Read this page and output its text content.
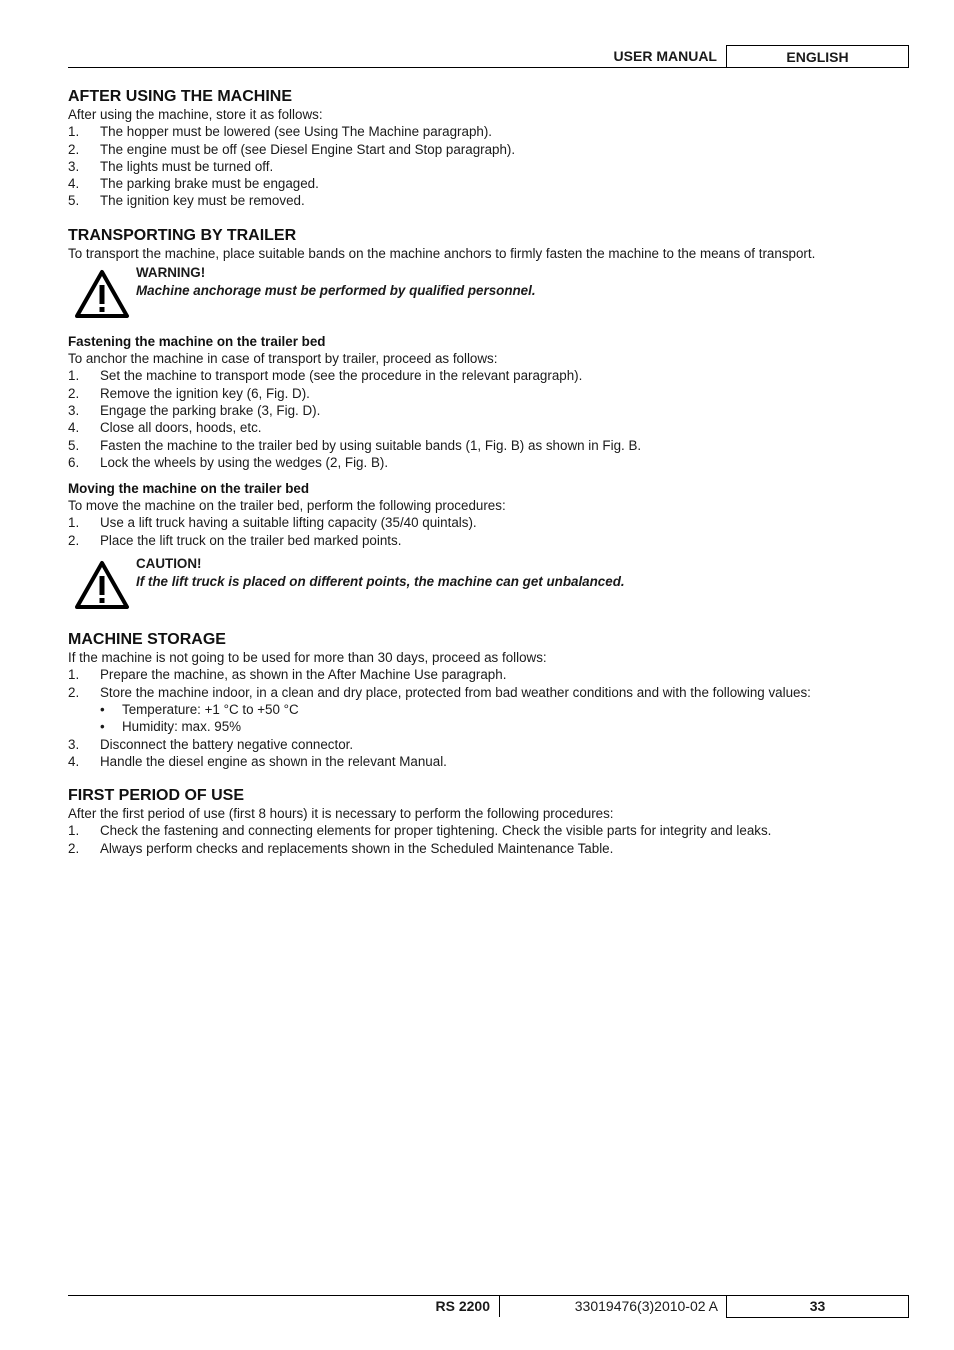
USER MANUAL	ENGLISH
AFTER USING THE MACHINE

After using the machine, store it as follows:

1.	The hopper must be lowered (see Using The Machine paragraph).
2.	The engine must be off (see Diesel Engine Start and Stop paragraph).
3.	The lights must be turned off.
4.	The parking brake must be engaged.
5.	The ignition key must be removed.
TRANSPORTING BY TRAILER

To transport the machine, place suitable bands on the machine anchors to firmly fasten the machine to the means of transport.

WARNING!
Machine anchorage must be performed by qualified personnel.
Fastening the machine on the trailer bed

To anchor the machine in case of transport by trailer, proceed as follows:

1.	Set the machine to transport mode (see the procedure in the relevant paragraph).
2.	Remove the ignition key (6, Fig. D).
3.	Engage the parking brake (3, Fig. D).
4.	Close all doors, hoods, etc.
5.	Fasten the machine to the trailer bed by using suitable bands (1, Fig. B) as shown in Fig. B.
6.	Lock the wheels by using the wedges (2, Fig. B).
Moving the machine on the trailer bed

To move the machine on the trailer bed, perform the following procedures:

1.	Use a lift truck having a suitable lifting capacity (35/40 quintals).
2.	Place the lift truck on the trailer bed marked points.
CAUTION!
If the lift truck is placed on different points, the machine can get unbalanced.
MACHINE STORAGE

If the machine is not going to be used for more than 30 days, proceed as follows:

1.	Prepare the machine, as shown in the After Machine Use paragraph.
2.	Store the machine indoor, in a clean and dry place, protected from bad weather conditions and with the following values:
•	Temperature: +1 °C to +50 °C
•	Humidity: max. 95%
3.	Disconnect the battery negative connector.
4.	Handle the diesel engine as shown in the relevant Manual.
FIRST PERIOD OF USE

After the first period of use (first 8 hours) it is necessary to perform the following procedures:

1.	Check the fastening and connecting elements for proper tightening. Check the visible parts for integrity and leaks.
2.	Always perform checks and replacements shown in the Scheduled Maintenance Table.
RS 2200	33019476(3)2010-02 A	33
